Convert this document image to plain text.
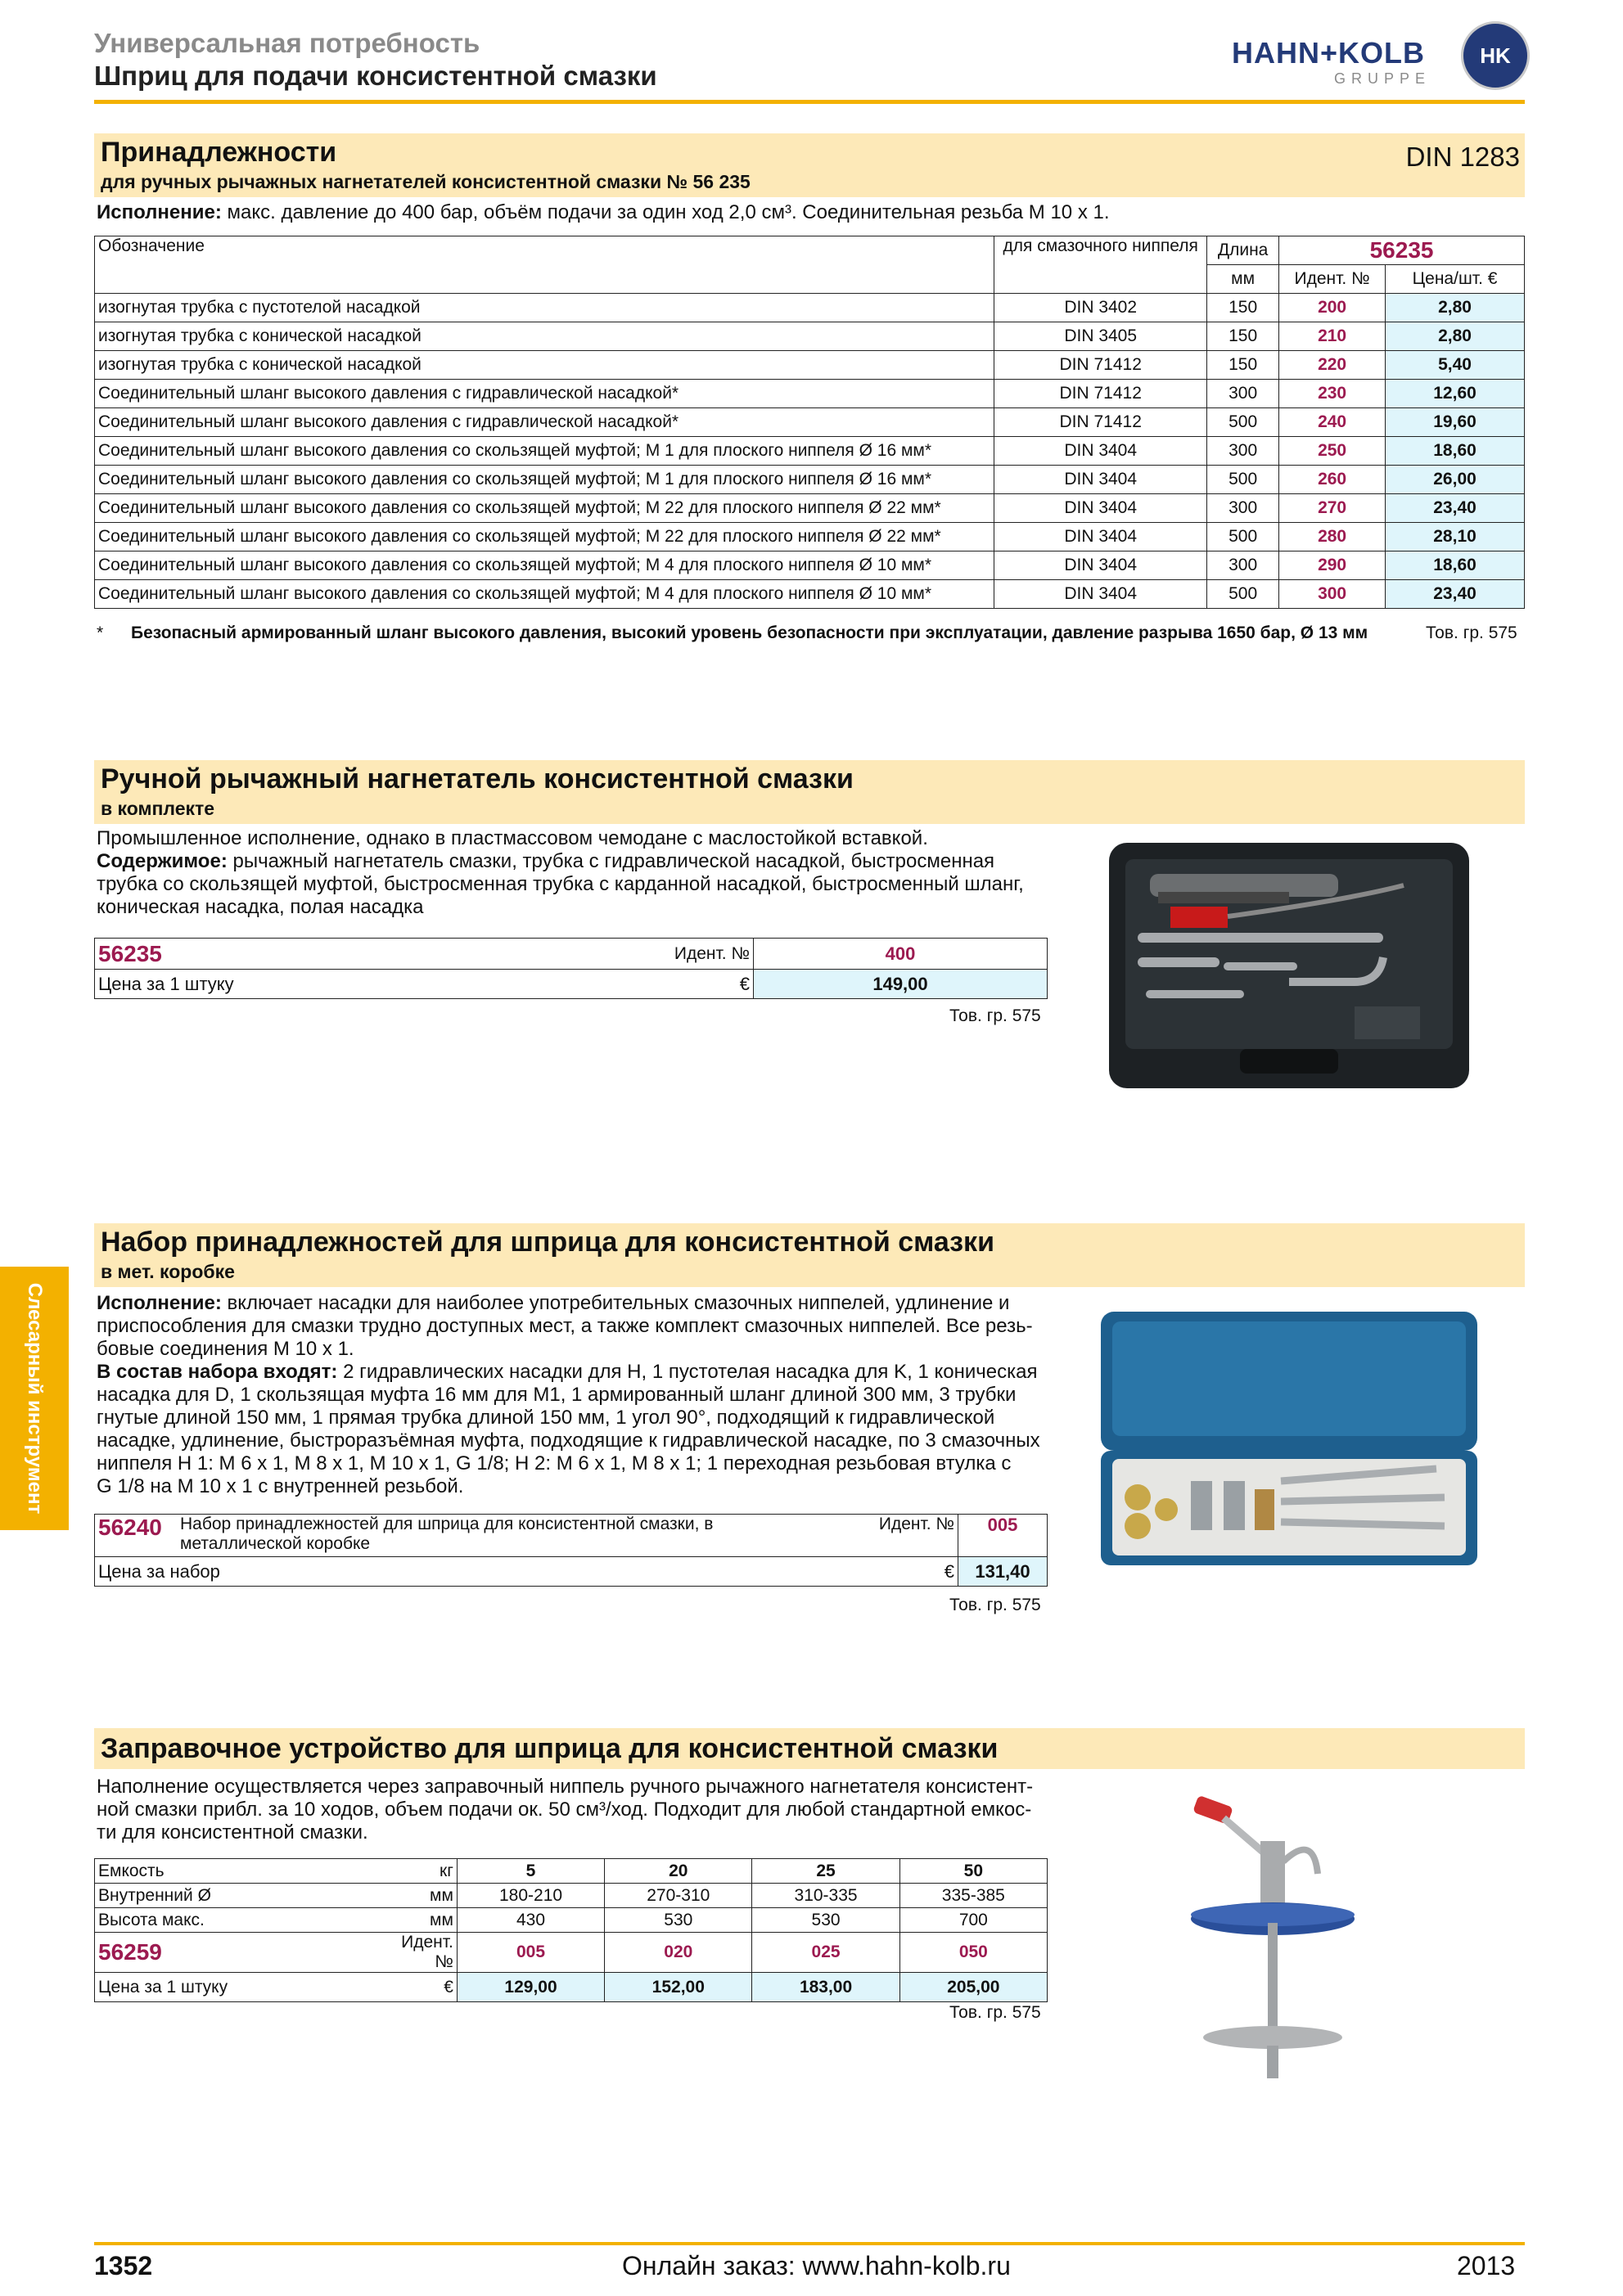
Универсальная потребность
Шприц для подачи консистентной смазки
HAHN+KOLB
GRUPPE
HK
Слесарный инструмент
Принадлежности
для ручных рычажных нагнетателей консистентной смазки № 56 235
DIN 1283
Исполнение: макс. давление до 400 бар, объём подачи за один ход 2,0 см³. Соединительная резьба M 10 x 1.
Обозначение	для смазочного ниппеля	Длина	56235	
		мм	Идент. №	Цена/шт. €
изогнутая трубка с пустотелой насадкой	DIN 3402	150	200	2,80
изогнутая трубка с конической насадкой	DIN 3405	150	210	2,80
изогнутая трубка с конической насадкой	DIN 71412	150	220	5,40
Соединительный шланг высокого давления с гидравлической насадкой*	DIN 71412	300	230	12,60
Соединительный шланг высокого давления с гидравлической насадкой*	DIN 71412	500	240	19,60
Соединительный шланг высокого давления со скользящей муфтой; M 1 для плоского ниппеля Ø 16 мм*	DIN 3404	300	250	18,60
Соединительный шланг высокого давления со скользящей муфтой; M 1 для плоского ниппеля Ø 16 мм*	DIN 3404	500	260	26,00
Соединительный шланг высокого давления со скользящей муфтой; M 22 для плоского ниппеля Ø 22 мм*	DIN 3404	300	270	23,40
Соединительный шланг высокого давления со скользящей муфтой; M 22 для плоского ниппеля Ø 22 мм*	DIN 3404	500	280	28,10
Соединительный шланг высокого давления со скользящей муфтой; M 4 для плоского ниппеля Ø 10 мм*	DIN 3404	300	290	18,60
Соединительный шланг высокого давления со скользящей муфтой; M 4 для плоского ниппеля Ø 10 мм*	DIN 3404	500	300	23,40
* Безопасный армированный шланг высокого давления, высокий уровень безопасности при эксплуатации, давление разрыва 1650 бар, Ø 13 мм	Тов. гр. 575
Ручной рычажный нагнетатель консистентной смазки
в комплекте
Промышленное исполнение, однако в пластмассовом чемодане с маслостойкой вставкой.
Содержимое: рычажный нагнетатель смазки, трубка с гидравлической насадкой, быстросменная
трубка со скользящей муфтой, быстросменная трубка с карданной насадкой, быстросменный шланг,
коническая насадка, полая насадка
56235	Идент. №	400
Цена за 1 штуку	€	149,00
Тов. гр. 575
Набор принадлежностей для шприца для консистентной смазки
в мет. коробке
Исполнение: включает насадки для наиболее употребительных смазочных ниппелей, удлинение и
приспособления для смазки трудно доступных мест, а также комплект смазочных ниппелей. Все резь-
бовые соединения M 10 x 1.
В состав набора входят: 2 гидравлических насадки для H, 1 пустотелая насадка для K, 1 коническая
насадка для D, 1 скользящая муфта 16 мм для M1, 1 армированный шланг длиной 300 мм, 3 трубки
гнутые длиной 150 мм, 1 прямая трубка длиной 150 мм, 1 угол 90°, подходящий к гидравлической
насадке, удлинение, быстроразъёмная муфта, подходящие к гидравлической насадке, по 3 смазочных
ниппеля H 1: M 6 x 1, M 8 x 1, M 10 x 1, G 1/8; H 2: M 6 x 1, M 8 x 1; 1 переходная резьбовая втулка с
G 1/8 на M 10 x 1 с внутренней резьбой.
56240	Набор принадлежностей для шприца для консистентной смазки, в металлической коробке	Идент. №	005
Цена за набор		€	131,40
Тов. гр. 575
Заправочное устройство для шприца для консистентной смазки
Наполнение осуществляется через заправочный ниппель ручного рычажного нагнетателя консистент-
ной смазки прибл. за 10 ходов, объем подачи ок. 50 см³/ход. Подходит для любой стандартной емкос-
ти для консистентной смазки.
Емкость	кг	5	20	25	50
Внутренний Ø	мм	180-210	270-310	310-335	335-385
Высота макс.	мм	430	530	530	700
56259	Идент. №	005	020	025	050
Цена за 1 штуку	€	129,00	152,00	183,00	205,00
Тов. гр. 575
1352	Онлайн заказ: www.hahn-kolb.ru	2013
